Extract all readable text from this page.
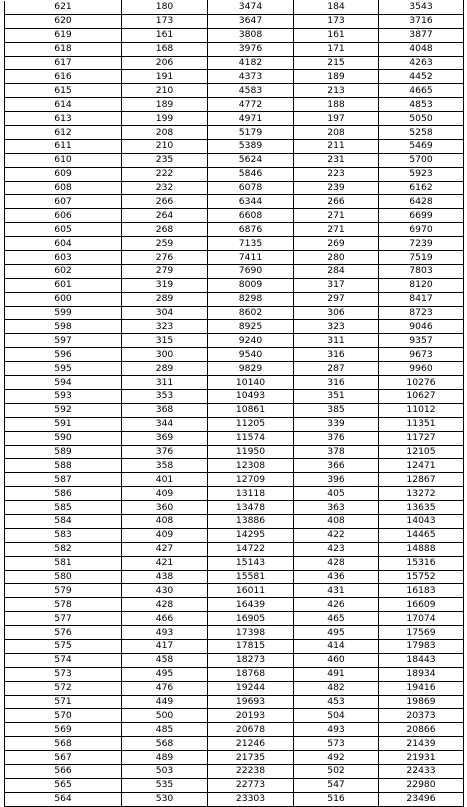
621	180	3474	184	3543
620	173	3647	173	3716
619	161	3808	161	3877
618	168	3976	171	4048
617	206	4182	215	4263
616	191	4373	189	4452
615	210	4583	213	4665
614	189	4772	188	4853
613	199	4971	197	5050
612	208	5179	208	5258
611	210	5389	211	5469
610	235	5624	231	5700
609	222	5846	223	5923
608	232	6078	239	6162
607	266	6344	266	6428
606	264	6608	271	6699
605	268	6876	271	6970
604	259	7135	269	7239
603	276	7411	280	7519
602	279	7690	284	7803
601	319	8009	317	8120
600	289	8298	297	8417
599	304	8602	306	8723
598	323	8925	323	9046
597	315	9240	311	9357
596	300	9540	316	9673
595	289	9829	287	9960
594	311	10140	316	10276
593	353	10493	351	10627
592	368	10861	385	11012
591	344	11205	339	11351
590	369	11574	376	11727
589	376	11950	378	12105
588	358	12308	366	12471
587	401	12709	396	12867
586	409	13118	405	13272
585	360	13478	363	13635
584	408	13886	408	14043
583	409	14295	422	14465
582	427	14722	423	14888
581	421	15143	428	15316
580	438	15581	436	15752
579	430	16011	431	16183
578	428	16439	426	16609
577	466	16905	465	17074
576	493	17398	495	17569
575	417	17815	414	17983
574	458	18273	460	18443
573	495	18768	491	18934
572	476	19244	482	19416
571	449	19693	453	19869
570	500	20193	504	20373
569	485	20678	493	20866
568	568	21246	573	21439
567	489	21735	492	21931
566	503	22238	502	22433
565	535	22773	547	22980
564	530	23303	516	23496
